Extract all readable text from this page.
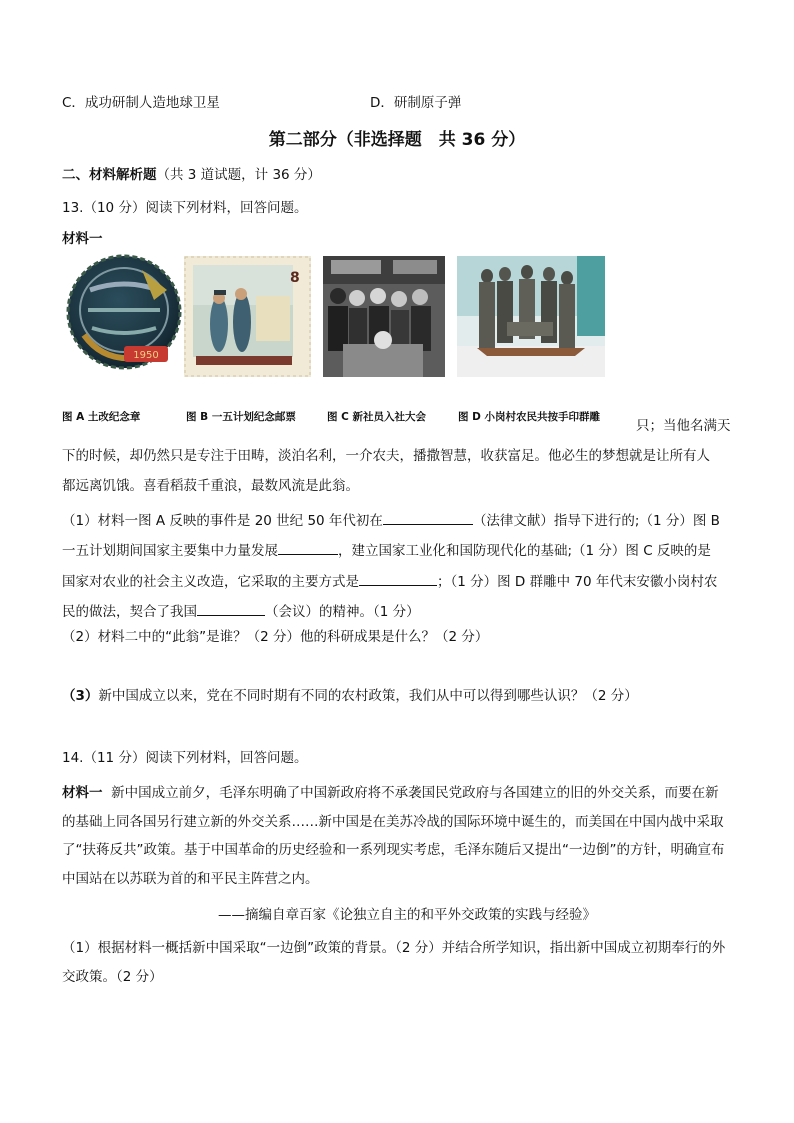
C．成功研制人造地球卫星	D．研制原子弹
第二部分（非选择题　共 36 分）
二、材料解析题（共 3 道试题，计 36 分）
13.（10 分）阅读下列材料，回答问题。
材料一
1950
8
图 A 土改纪念章	图 B 一五计划纪念邮票	图 C 新社员入社大会	图 D 小岗村农民共按手印群雕
只；当他名满天
下的时候，却仍然只是专注于田畴，淡泊名利，一介农夫，播撒智慧，收获富足。他必生的梦想就是让所有人
都远离饥饿。喜看稻菽千重浪，最数风流是此翁。
（1）材料一图 A 反映的事件是 20 世纪 50 年代初在	（法律文献）指导下进行的;（1 分）图 B
一五计划期间国家主要集中力量发展	，建立国家工业化和国防现代化的基础;（1 分）图 C 反映的是
国家对农业的社会主义改造，它采取的主要方式是	；（1 分）图 D 群雕中 70 年代末安徽小岗村农
民的做法，契合了我国	（会议）的精神。（1 分）
（2）材料二中的“此翁”是谁？（2 分）他的科研成果是什么？（2 分）
（3）新中国成立以来，党在不同时期有不同的农村政策，我们从中可以得到哪些认识？（2 分）
14.（11 分）阅读下列材料，回答问题。
材料一 新中国成立前夕，毛泽东明确了中国新政府将不承袭国民党政府与各国建立的旧的外交关系，而要在新的基础上同各国另行建立新的外交关系……新中国是在美苏冷战的国际环境中诞生的，而美国在中国内战中采取了“扶蒋反共”政策。基于中国革命的历史经验和一系列现实考虑，毛泽东随后又提出“一边倒”的方针，明确宣布中国站在以苏联为首的和平民主阵营之内。
——摘编自章百家《论独立自主的和平外交政策的实践与经验》
（1）根据材料一概括新中国采取“一边倒”政策的背景。（2 分）并结合所学知识，指出新中国成立初期奉行的外交政策。（2 分）
